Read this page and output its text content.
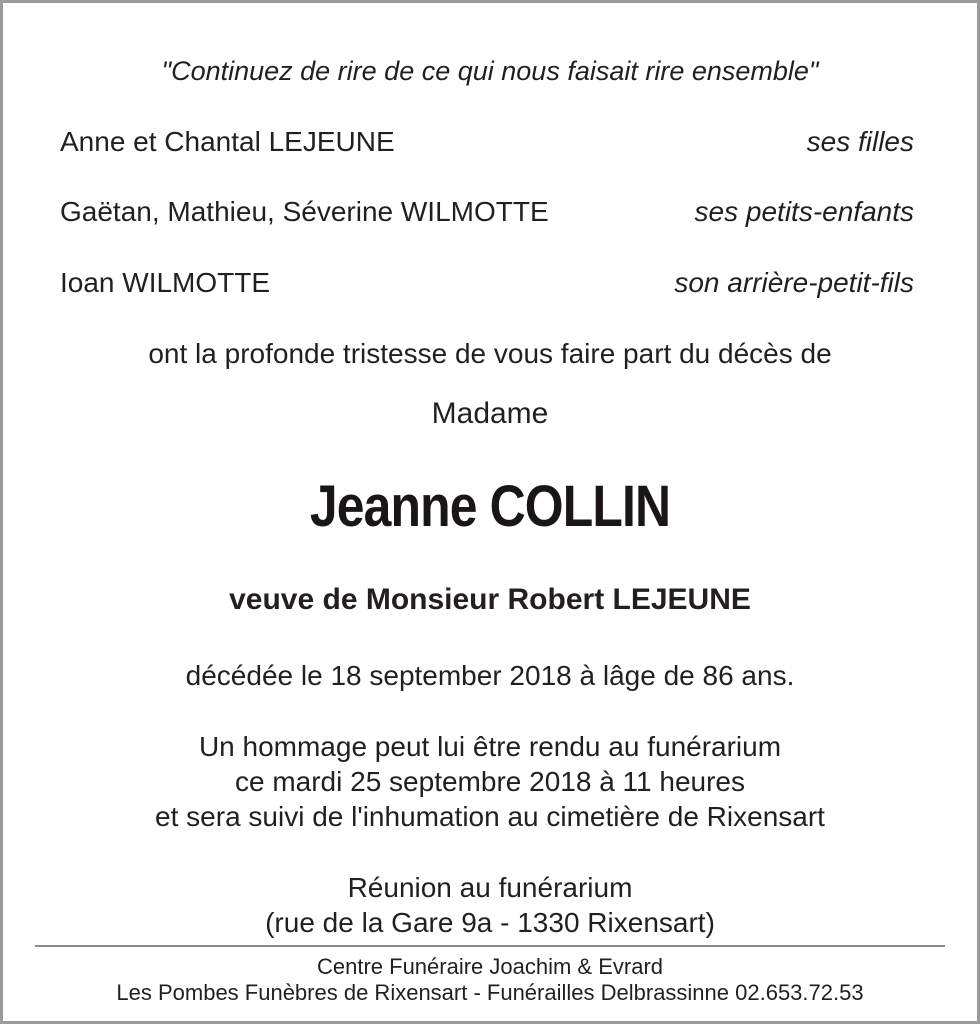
"Continuez de rire de ce qui nous faisait rire ensemble"
Anne et Chantal LEJEUNE	ses filles
Gaëtan, Mathieu, Séverine WILMOTTE	ses petits-enfants
Ioan WILMOTTE	son arrière-petit-fils
ont la profonde tristesse de vous faire part du décès de
Madame
Jeanne COLLIN
veuve de Monsieur Robert LEJEUNE
décédée le 18 september 2018 à lâge de 86 ans.
Un hommage peut lui être rendu au funérarium
ce mardi 25 septembre 2018 à 11 heures
et sera suivi de l'inhumation au cimetière de Rixensart
Réunion au funérarium
(rue de la Gare 9a - 1330 Rixensart)
Centre Funéraire Joachim & Evrard
Les Pombes Funèbres de Rixensart - Funérailles Delbrassinne 02.653.72.53
